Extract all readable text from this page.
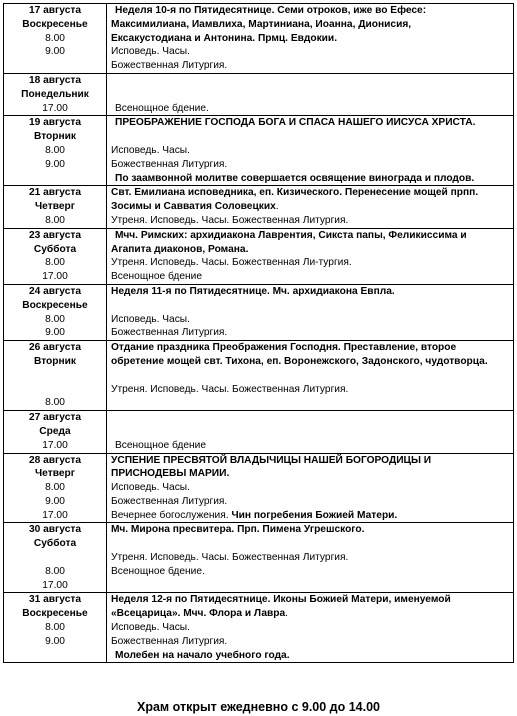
17 августа
Воскресенье
8.00
9.00	Неделя 10-я по Пятидесятнице. Семи отроков, иже во Ефесе:
Максимилиана, Иамвлиха, Мартиниана, Иоанна, Дионисия,
Ексакустодиана и Антонина. Прмц. Евдокии.
Исповедь. Часы.
Божественная Литургия.

18 августа
Понедельник
17.00	Всенощное бдение.

19 августа
Вторник
8.00
9.00	ПРЕОБРАЖЕНИЕ ГОСПОДА БОГА И СПАСА НАШЕГО ИИСУСА ХРИСТА.

Исповедь. Часы.
Божественная Литургия.
По заамвонной молитве совершается освящение винограда и плодов.

21 августа
Четверг
8.00	Свт. Емилиана исповедника, еп. Кизического. Перенесение мощей прпп.
Зосимы и Савватия Соловецких.
Утреня. Исповедь. Часы. Божественная Литургия.

23 августа
Суббота
8.00
17.00	Мчч. Римских: архидиакона Лаврентия, Сикста папы, Феликиссима и
Агапита диаконов, Романа.
Утреня. Исповедь. Часы. Божественная Ли-тургия.
Всенощное бдение

24 августа
Воскресенье
8.00
9.00	Неделя 11-я по Пятидесятнице. Мч. архидиакона Евпла.

Исповедь. Часы.
Божественная Литургия.

26 августа
Вторник
8.00	Отдание праздника Преображения Господня. Преставление, второе
обретение мощей свт. Тихона, еп. Воронежского, Задонского, чудотворца.

Утреня. Исповедь. Часы. Божественная Литургия.

27 августа
Среда
17.00	Всенощное бдение

28 августа
Четверг
8.00
9.00
17.00	УСПЕНИЕ ПРЕСВЯТОЙ ВЛАДЫЧИЦЫ НАШЕЙ БОГОРОДИЦЫ И
ПРИСНОДЕВЫ МАРИИ.
Исповедь. Часы.
Божественная Литургия.
Вечернее богослужения. Чин погребения Божией Матери.

30 августа
Суббота
8.00
17.00	Мч. Мирона пресвитера. Прп. Пимена Угрешского.

Утреня. Исповедь. Часы. Божественная Литургия.
Всенощное бдение.

31 августа
Воскресенье
8.00
9.00	Неделя 12-я по Пятидесятнице. Иконы Божией Матери, именуемой
«Всецарица». Мчч. Флора и Лавра.
Исповедь. Часы.
Божественная Литургия.
Молебен на начало учебного года.
Храм открыт ежедневно с 9.00 до 14.00
